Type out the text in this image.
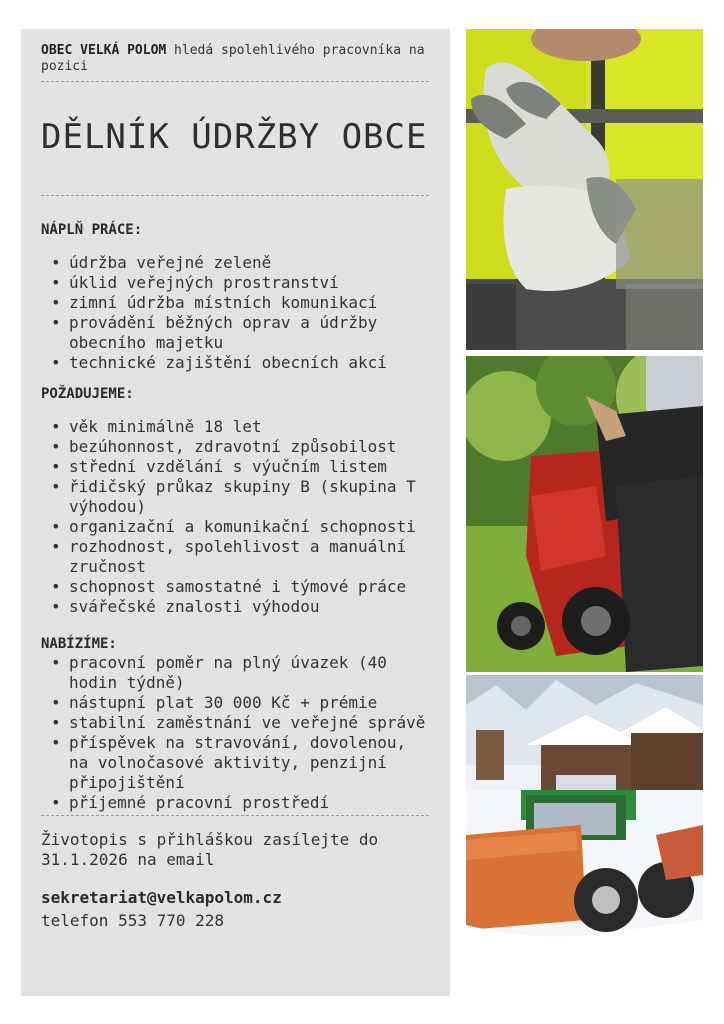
OBEC VELKÁ POLOM hledá spolehlivého pracovníka na pozici

DĚLNÍK ÚDRŽBY OBCE
NÁPLŇ PRÁCE:
• údržba veřejné zeleně
• úklid veřejných prostranství
• zimní údržba místních komunikací
• provádění běžných oprav a údržby obecního majetku
• technické zajištění obecních akcí
POŽADUJEME:
• věk minimálně 18 let
• bezúhonnost, zdravotní způsobilost
• střední vzdělání s výučním listem
• řidičský průkaz skupiny B (skupina T výhodou)
• organizační a komunikační schopnosti
• rozhodnost, spolehlivost a manuální zručnost
• schopnost samostatné i týmové práce
• svářečské znalosti výhodou
NABÍZÍME:
• pracovní poměr na plný úvazek (40 hodin týdně)
• nástupní plat 30 000 Kč + prémie
• stabilní zaměstnání ve veřejné správě
• příspěvek na stravování, dovolenou, na volnočasové aktivity, penzijní připojištění
• příjemné pracovní prostředí

Životopis s přihláškou zasílejte do 31.1.2026 na email

sekretariat@velkapolom.cz

telefon 553 770 228
